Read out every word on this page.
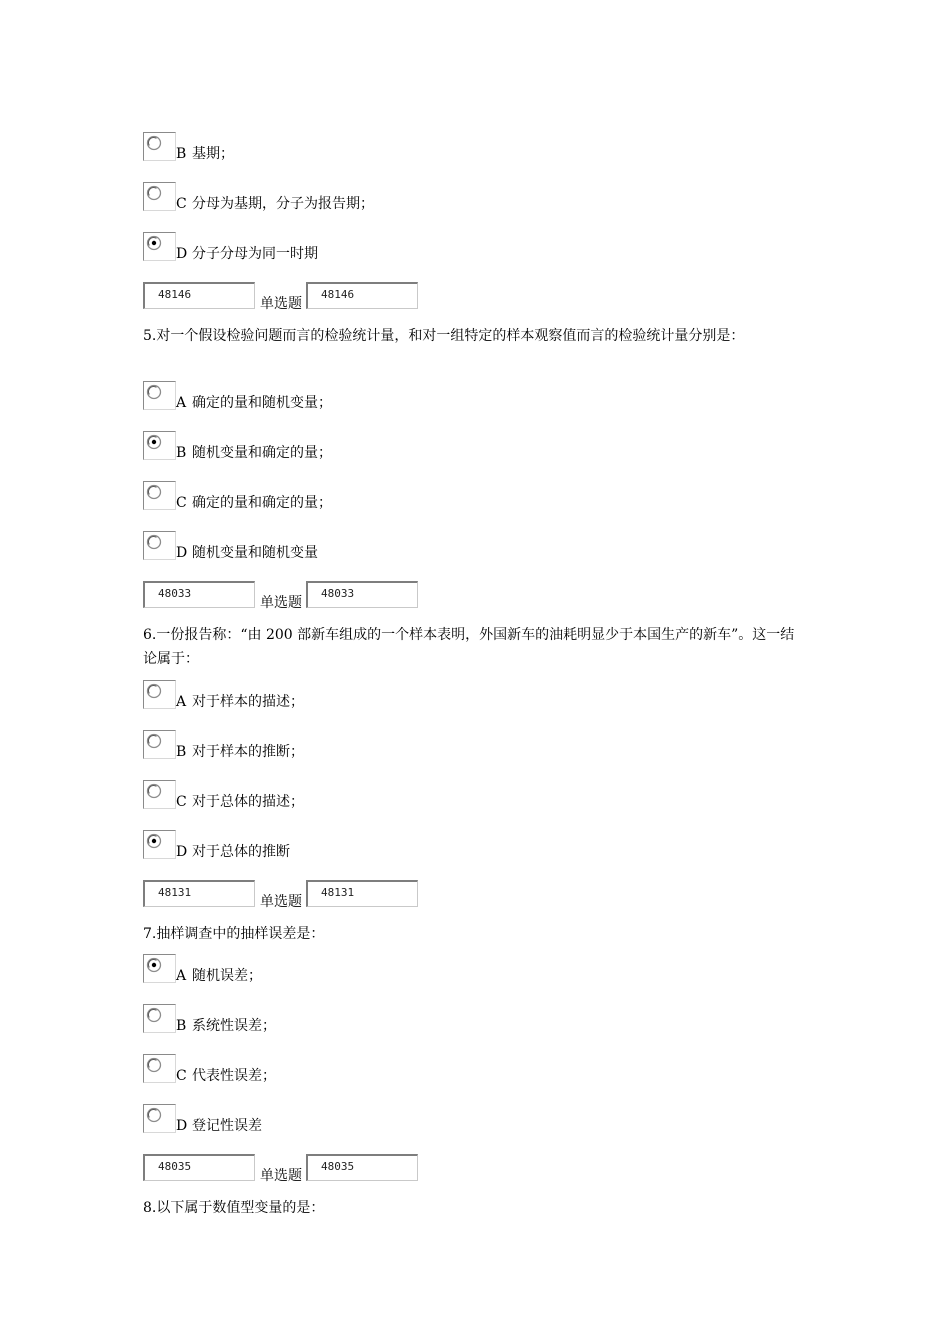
B 基期；
C 分母为基期，分子为报告期；
D 分子分母为同一时期
48146
单选题
48146
5.对一个假设检验问题而言的检验统计量，和对一组特定的样本观察值而言的检验统计量分别是：
A 确定的量和随机变量；
B 随机变量和确定的量；
C 确定的量和确定的量；
D 随机变量和随机变量
48033
单选题
48033
6.一份报告称：“由 200 部新车组成的一个样本表明，外国新车的油耗明显少于本国生产的新车”。这一结论属于：
A 对于样本的描述；
B 对于样本的推断；
C 对于总体的描述；
D 对于总体的推断
48131
单选题
48131
7.抽样调查中的抽样误差是：
A 随机误差；
B 系统性误差；
C 代表性误差；
D 登记性误差
48035
单选题
48035
8.以下属于数值型变量的是：
